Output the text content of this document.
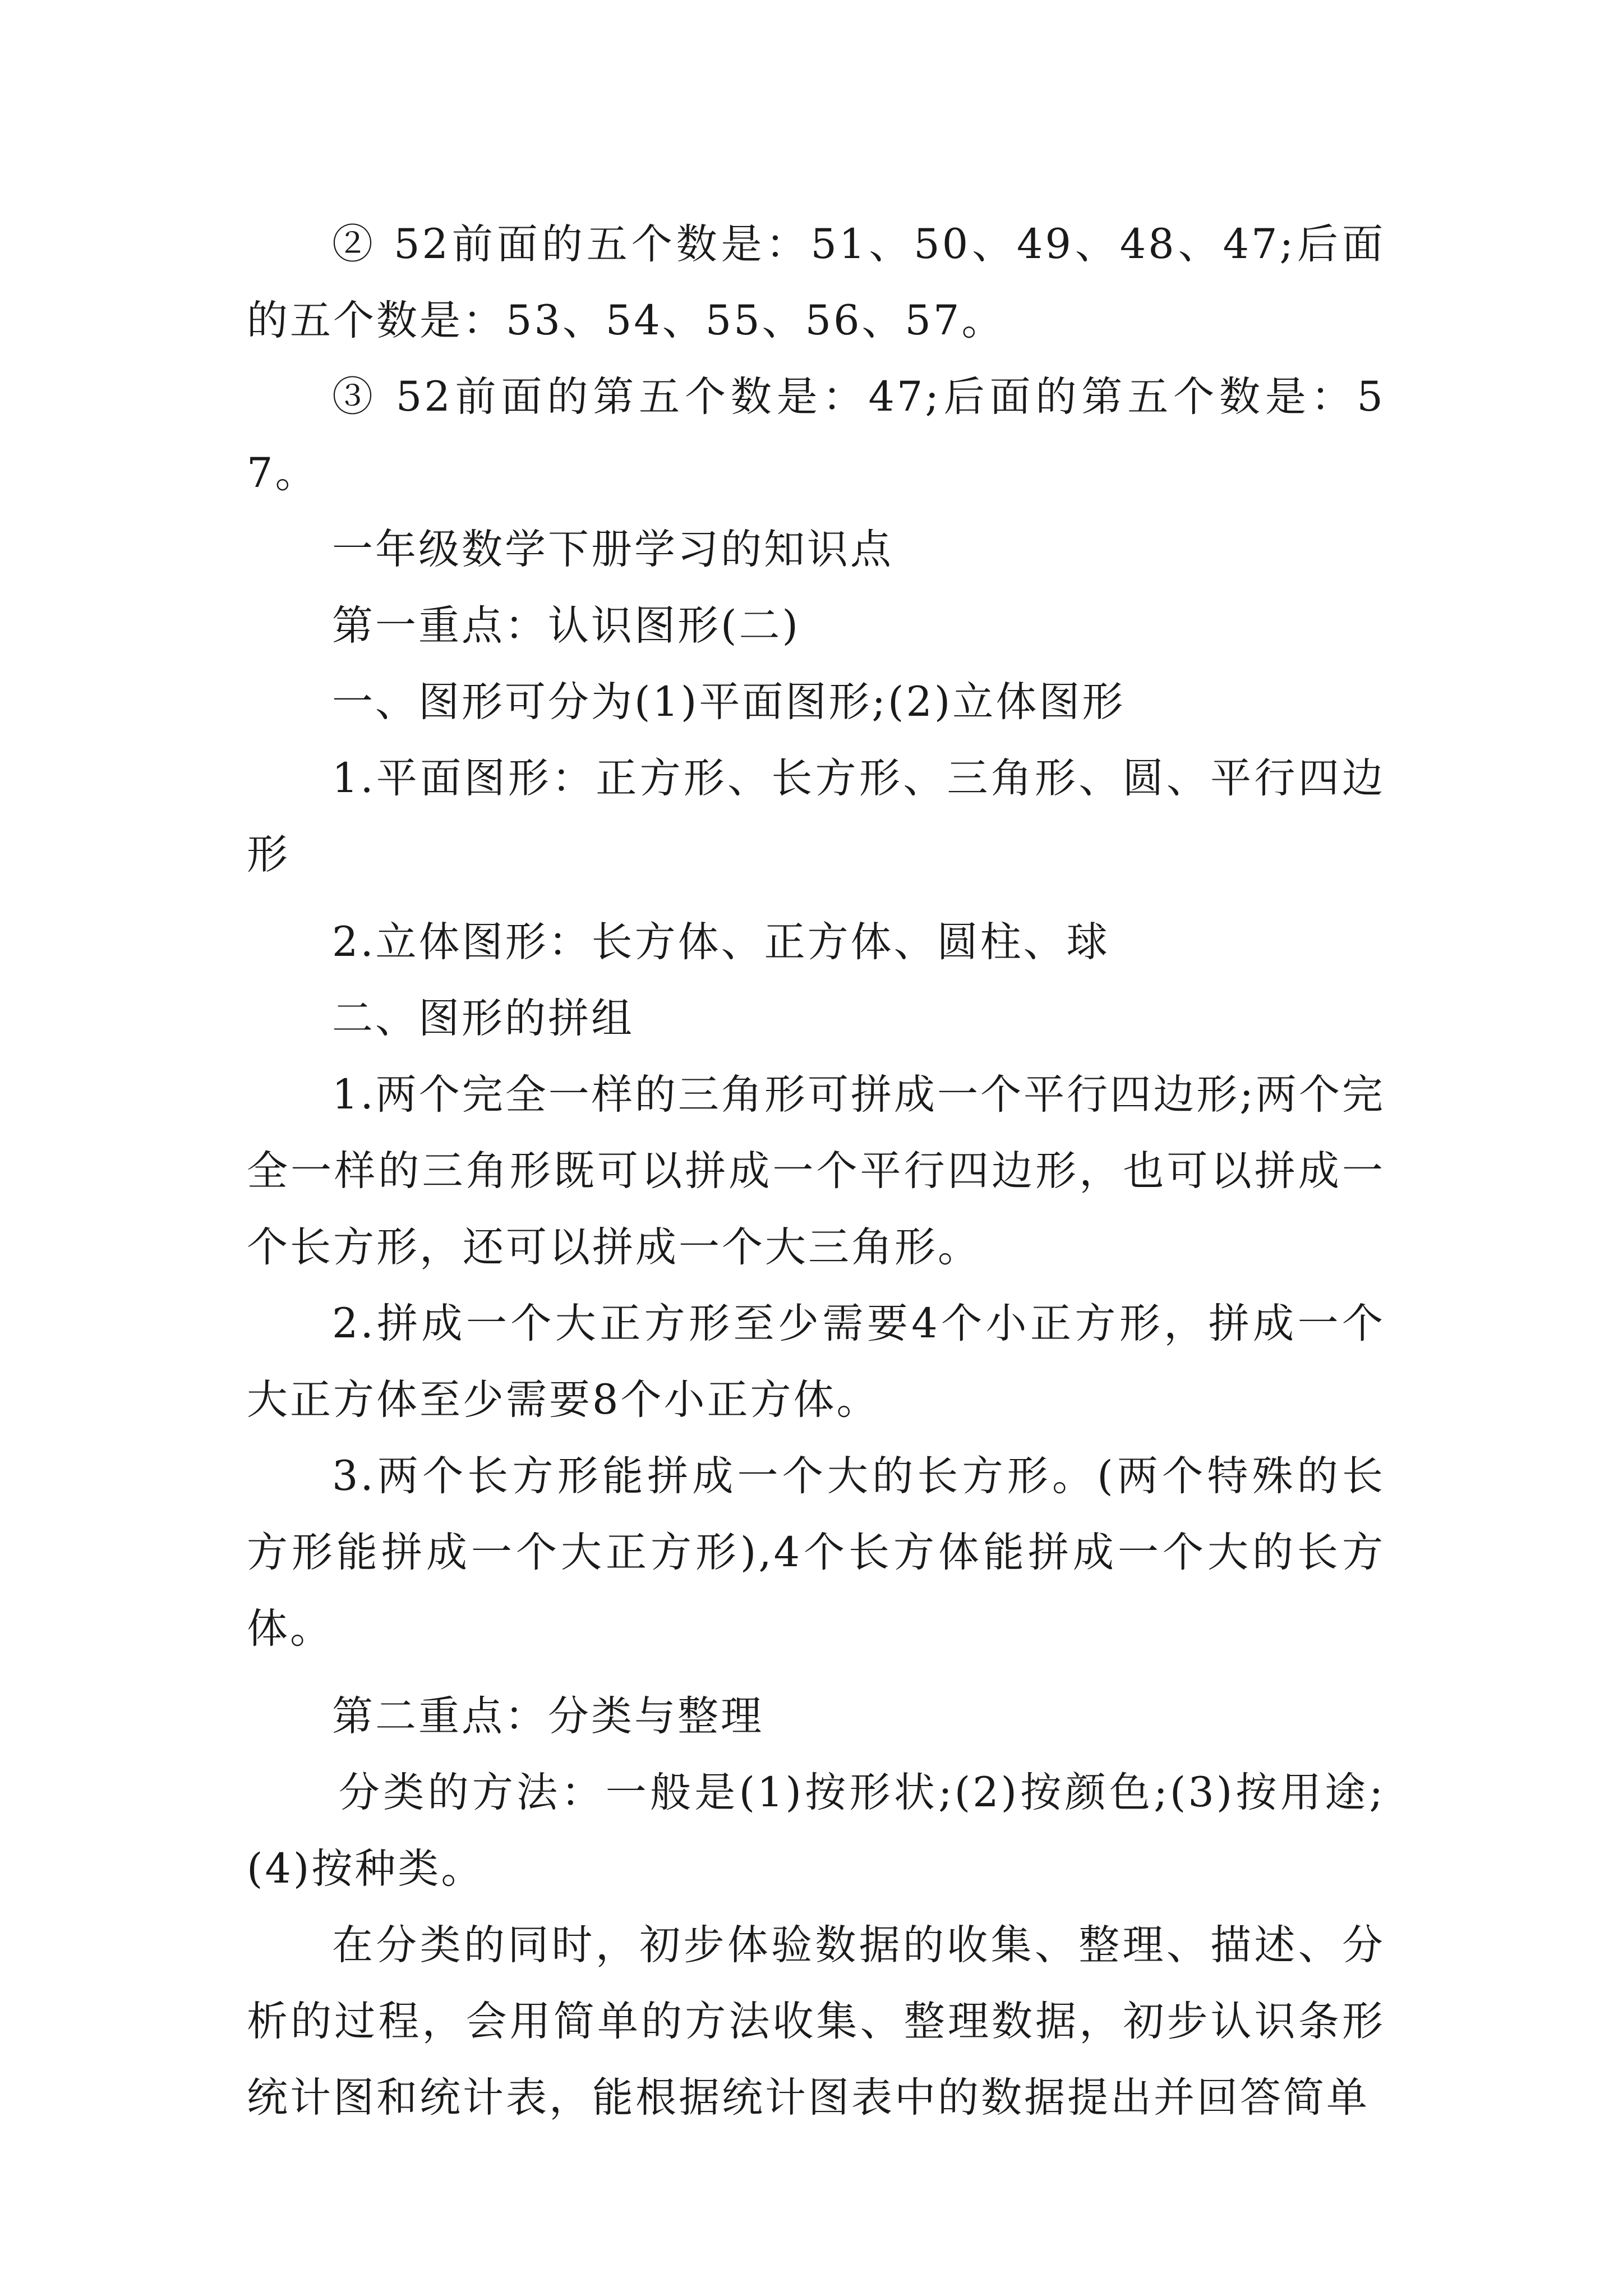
② 52前面的五个数是：51、50、49、48、47;后面的五个数是：53、54、55、56、57。

③ 52前面的第五个数是：47;后面的第五个数是：57。

一年级数学下册学习的知识点

第一重点：认识图形(二)

一、图形可分为(1)平面图形;(2)立体图形

1.平面图形：正方形、长方形、三角形、圆、平行四边形

2.立体图形：长方体、正方体、圆柱、球

二、图形的拼组

1.两个完全一样的三角形可拼成一个平行四边形;两个完全一样的三角形既可以拼成一个平行四边形，也可以拼成一个长方形，还可以拼成一个大三角形。

2.拼成一个大正方形至少需要4个小正方形，拼成一个大正方体至少需要8个小正方体。

3.两个长方形能拼成一个大的长方形。(两个特殊的长方形能拼成一个大正方形),4个长方体能拼成一个大的长方体。

第二重点：分类与整理

分类的方法：一般是(1)按形状;(2)按颜色;(3)按用途;(4)按种类。

在分类的同时，初步体验数据的收集、整理、描述、分析的过程，会用简单的方法收集、整理数据，初步认识条形统计图和统计表，能根据统计图表中的数据提出并回答简单
